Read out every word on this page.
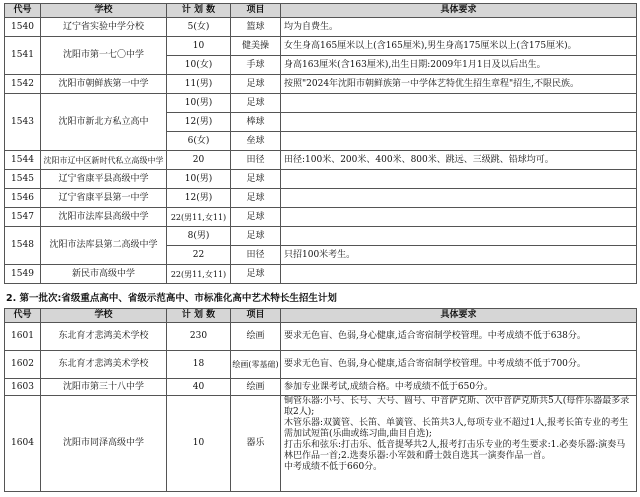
代号	学校	计 划 数	项目	具体要求
1540	辽宁省实验中学分校	5(女)	篮球	均为自费生。
1541	沈阳市第一七〇中学	10	健美操	女生身高165厘米以上(含165厘米),男生身高175厘米以上(含175厘米)。
		10(女)	手球	身高163厘米(含163厘米),出生日期:2009年1月1日及以后出生。
1542	沈阳市朝鲜族第一中学	11(男)	足球	按照"2024年沈阳市朝鲜族第一中学体艺特优生招生章程"招生,不限民族。
1543	沈阳市新北方私立高中	10(男)	足球	
		12(男)	棒球	
		6(女)	垒球	
1544	沈阳市辽中区新时代私立高级中学	20	田径	田径:100米、200米、400米、800米、跳远、三级跳、铅球均可。
1545	辽宁省康平县高级中学	10(男)	足球	
1546	辽宁省康平县第一中学	12(男)	足球	
1547	沈阳市法库县高级中学	22(男11,女11)	足球	
1548	沈阳市法库县第二高级中学	8(男)	足球	
		22	田径	只招100米考生。
1549	新民市高级中学	22(男11,女11)	足球	
2. 第一批次:省级重点高中、省级示范高中、市标准化高中艺术特长生招生计划
代号	学校	计 划 数	项目	具体要求
1601	东北育才悲鸿美术学校	230	绘画	要求无色盲、色弱,身心健康,适合寄宿制学校管理。中考成绩不低于638分。
1602	东北育才悲鸿美术学校	18	绘画(零基础)	要求无色盲、色弱,身心健康,适合寄宿制学校管理。中考成绩不低于700分。
1603	沈阳市第三十八中学	40	绘画	参加专业课考试,成绩合格。中考成绩不低于650分。
1604	沈阳市同泽高级中学	10	器乐	铜管乐器:小号、长号、大号、圆号、中音萨克斯、次中音萨克斯共5人(每件乐器最多录取2人);
木管乐器:双簧管、长笛、单簧管、长笛共3人,每项专业不超过1人,报考长笛专业的考生需加试短笛(乐曲或练习曲,曲目自选);
打击乐和弦乐:打击乐、低音提琴共2人,报考打击乐专业的考生要求:1.必奏乐器:演奏马林巴作品一首;2.选奏乐器:小军鼓和爵士鼓自选其一演奏作品一首。
中考成绩不低于660分。
